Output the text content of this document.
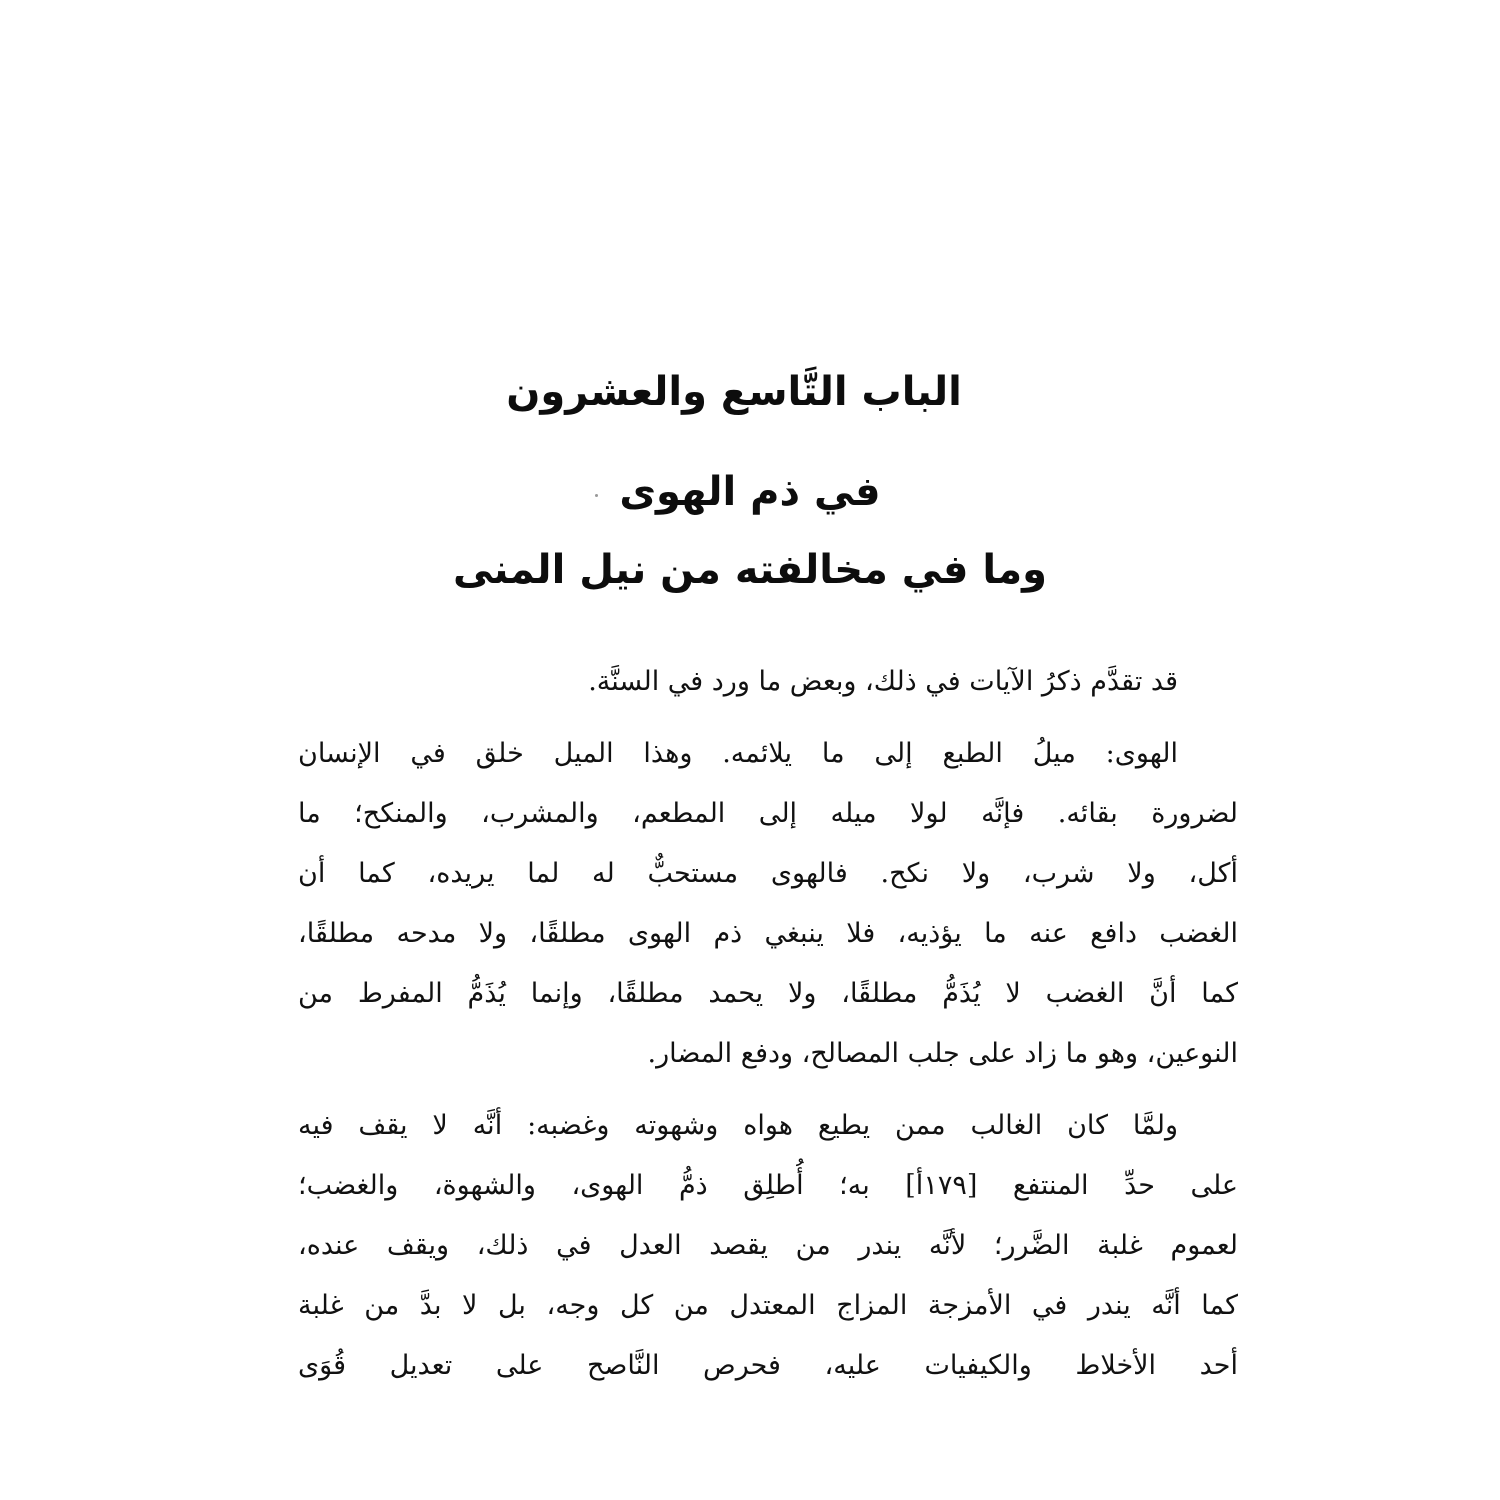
الباب التَّاسع والعشرون
في ذم الهوى
وما في مخالفته من نيل المنى
قد تقدَّم ذكرُ الآيات في ذلك، وبعض ما ورد في السنَّة.
الهوى: ميلُ الطبع إلى ما يلائمه. وهذا الميل خلق في الإنسان
لضرورة بقائه. فإنَّه لولا ميله إلى المطعم، والمشرب، والمنكح؛ ما
أكل، ولا شرب، ولا نكح. فالهوى مستحبٌّ له لما يريده، كما أن
الغضب دافع عنه ما يؤذيه، فلا ينبغي ذم الهوى مطلقًا، ولا مدحه مطلقًا،
كما أنَّ الغضب لا يُذَمُّ مطلقًا، ولا يحمد مطلقًا، وإنما يُذَمُّ المفرط من
النوعين، وهو ما زاد على جلب المصالح، ودفع المضار.
ولمَّا كان الغالب ممن يطيع هواه وشهوته وغضبه: أنَّه لا يقف فيه
على حدِّ المنتفع [١٧٩أ] به؛ أُطلِق ذمُّ الهوى، والشهوة، والغضب؛
لعموم غلبة الضَّرر؛ لأنَّه يندر من يقصد العدل في ذلك، ويقف عنده،
كما أنَّه يندر في الأمزجة المزاج المعتدل من كل وجه، بل لا بدَّ من غلبة
أحد الأخلاط والكيفيات عليه، فحرص النَّاصح على تعديل قُوَى
